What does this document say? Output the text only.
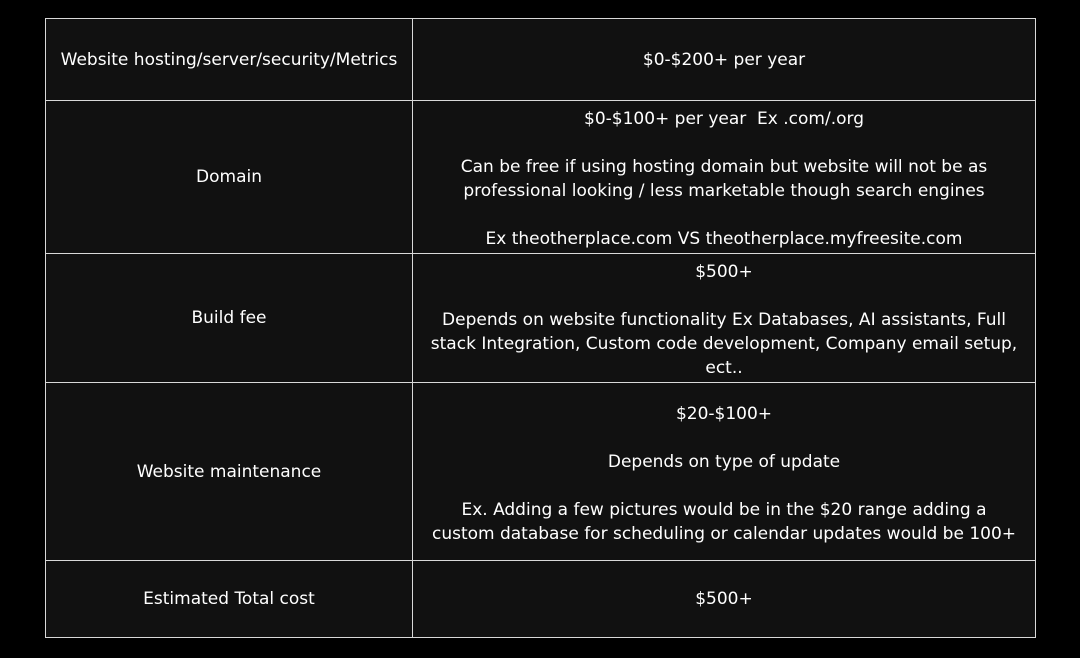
Website hosting/server/security/Metrics	$0-$200+ per year

Domain	$0-$100+ per year  Ex .com/.org
Can be free if using hosting domain but website will not be as
professional looking / less marketable though search engines
Ex theotherplace.com VS theotherplace.myfreesite.com

Build fee	$500+
Depends on website functionality Ex Databases, AI assistants, Full
stack Integration, Custom code development, Company email setup,
ect..

Website maintenance	$20-$100+
Depends on type of update
Ex. Adding a few pictures would be in the $20 range adding a
custom database for scheduling or calendar updates would be 100+

Estimated Total cost	$500+
